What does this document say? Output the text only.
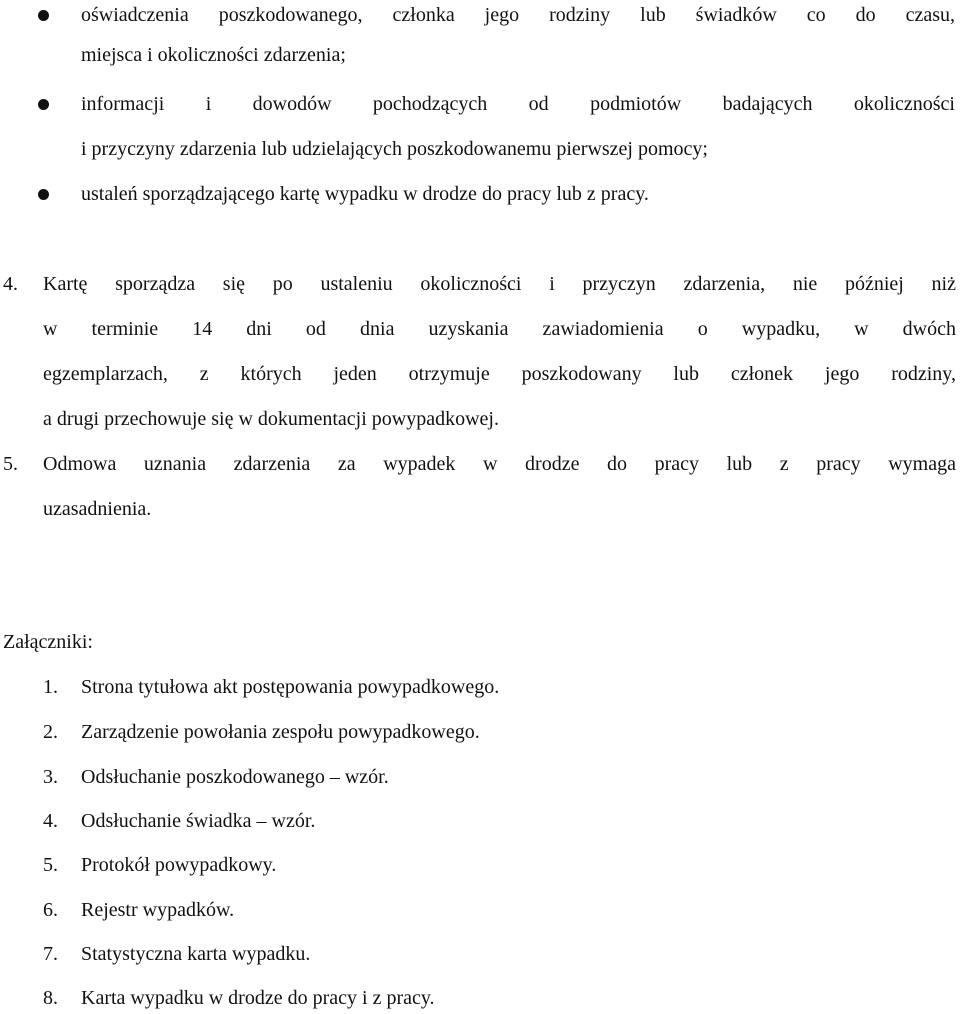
oświadczenia poszkodowanego, członka jego rodziny lub świadków co do czasu,
miejsca i okoliczności zdarzenia;
informacji i dowodów pochodzących od podmiotów badających okoliczności
i przyczyny zdarzenia lub udzielających poszkodowanemu pierwszej pomocy;
ustaleń sporządzającego kartę wypadku w drodze do pracy lub z pracy.
4. Kartę sporządza się po ustaleniu okoliczności i przyczyn zdarzenia, nie później niż
w terminie 14 dni od dnia uzyskania zawiadomienia o wypadku, w dwóch
egzemplarzach, z których jeden otrzymuje poszkodowany lub członek jego rodziny,
a drugi przechowuje się w dokumentacji powypadkowej.
5. Odmowa uznania zdarzenia za wypadek w drodze do pracy lub z pracy wymaga
uzasadnienia.
Załączniki:
1. Strona tytułowa akt postępowania powypadkowego.
2. Zarządzenie powołania zespołu powypadkowego.
3. Odsłuchanie poszkodowanego – wzór.
4. Odsłuchanie świadka – wzór.
5. Protokół powypadkowy.
6. Rejestr wypadków.
7. Statystyczna karta wypadku.
8. Karta wypadku w drodze do pracy i z pracy.
